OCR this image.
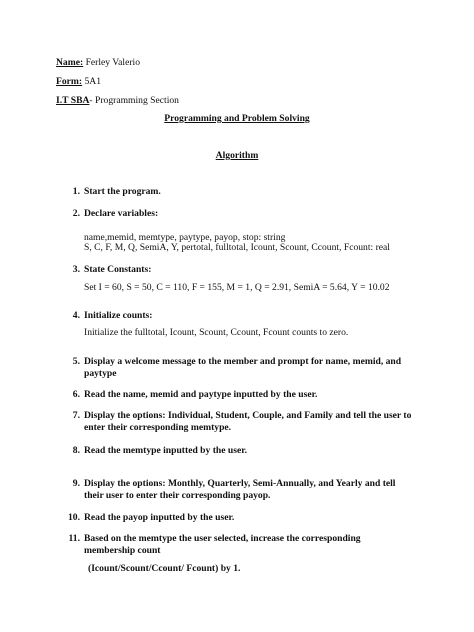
Name: Ferley Valerio
Form: 5A1
I.T SBA- Programming Section
Programming and Problem Solving
Algorithm
1. Start the program.
2. Declare variables:
name,memid, memtype, paytype, payop, stop: string
S, C, F, M, Q, SemiA, Y, pertotal, fulltotal, Icount, Scount, Ccount, Fcount: real
3. State Constants:
Set I = 60, S = 50, C = 110, F = 155, M = 1, Q = 2.91, SemiA = 5.64, Y = 10.02
4. Initialize counts:
Initialize the fulltotal, Icount, Scount, Ccount, Fcount counts to zero.
5. Display a welcome message to the member and prompt for name, memid, and paytype
6. Read the name, memid and paytype inputted by the user.
7. Display the options: Individual, Student, Couple, and Family and tell the user to enter their corresponding memtype.
8. Read the memtype inputted by the user.
9. Display the options: Monthly, Quarterly, Semi-Annually, and Yearly and tell their user to enter their corresponding payop.
10. Read the payop inputted by the user.
11. Based on the memtype the user selected, increase the corresponding membership count
(Icount/Scount/Ccount/ Fcount) by 1.
